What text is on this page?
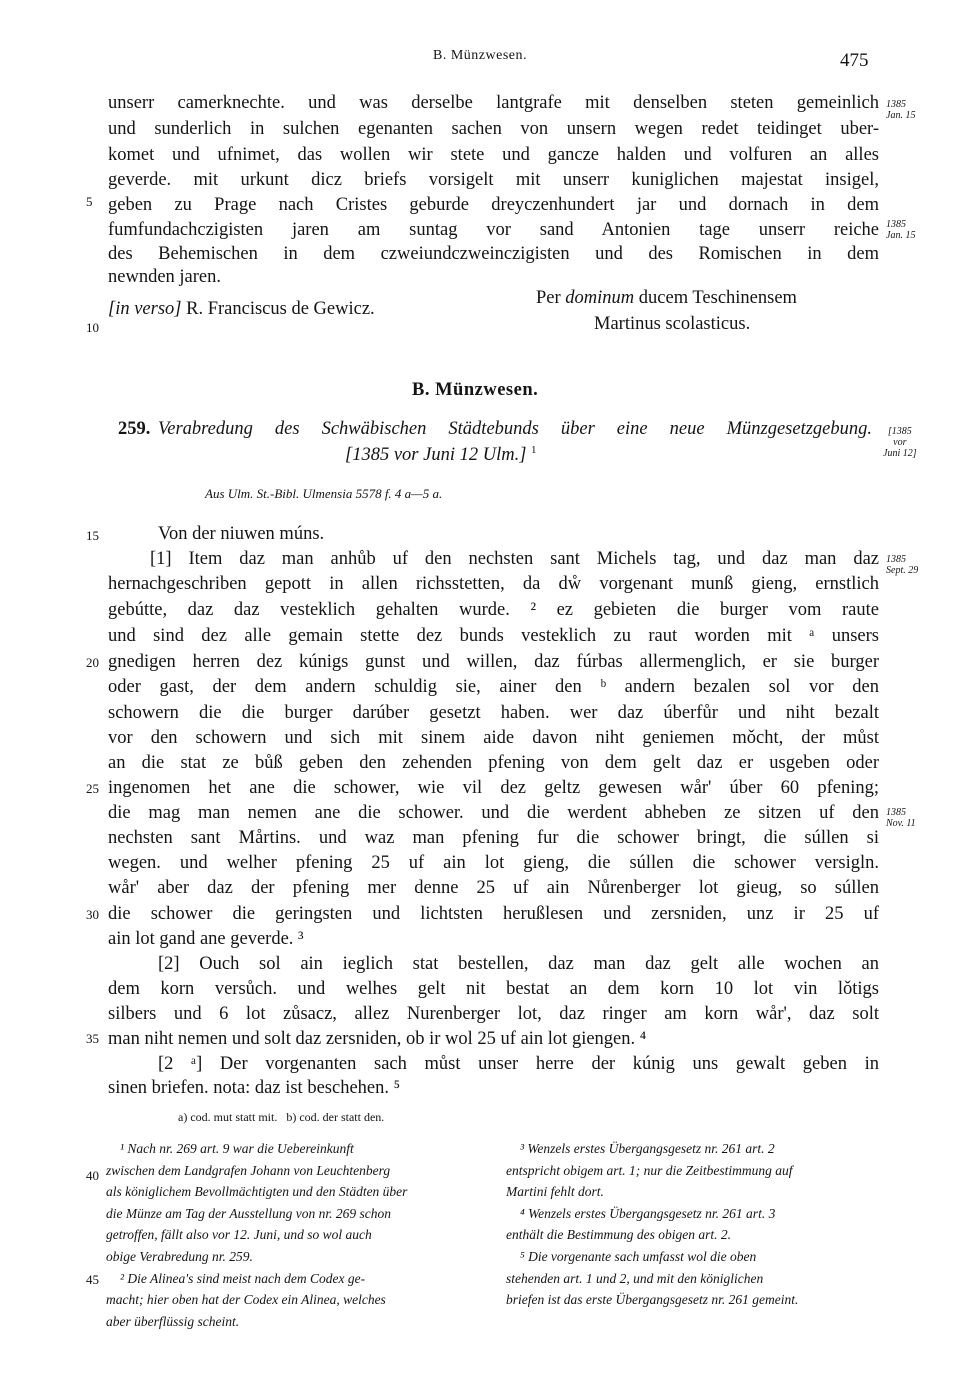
B. Münzwesen.	475
unserr camerknechte. und was derselbe lantgrafe mit denselben steten gemeinlich
und sunderlich in sulchen egenanten sachen von unsern wegen redet teidinget uber-
komet und ufnimet, das wollen wir stete und gancze halden und volfuren an alles
geverde. mit urkunt dicz briefs vorsigelt mit unserr kuniglichen majestat insigel,
geben zu Prage nach Cristes geburde dreyczenhundert jar und dornach in dem
fumfundachczigisten jaren am suntag vor sand Antonien tage unserr reiche
des Behemischen in dem czweiundczweinczigisten und des Romischen in dem
newnden jaren.
[in verso] R. Franciscus de Gewicz.
Per dominum ducem Teschinensem
Martinus scolasticus.
B. Münzwesen.
259. Verabredung des Schwäbischen Städtebunds über eine neue Münzgesetzgebung.
[1385 vor Juni 12 Ulm.] $^1$
Aus Ulm. St.-Bibl. Ulmensia 5578 f. 4 a—5 a.
Von der niuwen múns.
[1] Item daz man anhůb uf den nechsten sant Michels tag, und daz man daz
hernachgeschriben gepott in allen richsstetten, da dẘ vorgenant munß gieng, ernstlich
gebútte, daz daz vesteklich gehalten wurde. ² ez gebieten die burger vom raute
und sind dez alle gemain stette dez bunds vesteklich zu raut worden mit ᵃ unsers
gnedigen herren dez kúnigs gunst und willen, daz fúrbas allermenglich, er sie burger
oder gast, der dem andern schuldig sie, ainer den ᵇ andern bezalen sol vor den
schowern die die burger darúber gesetzt haben. wer daz úberfůr und niht bezalt
vor den schowern und sich mit sinem aide davon niht geniemen mǒcht, der můst
an die stat ze bůß geben den zehenden pfening von dem gelt daz er usgeben oder
ingenomen het ane die schower, wie vil dez geltz gewesen wår' úber 60 pfening;
die mag man nemen ane die schower. und die werdent abheben ze sitzen uf den
nechsten sant Mårtins. und waz man pfening fur die schower bringt, die súllen si
wegen. und welher pfening 25 uf ain lot gieng, die súllen die schower versigln.
wår' aber daz der pfening mer denne 25 uf ain Nůrenberger lot gieug, so súllen
die schower die geringsten und lichtsten herußlesen und zersniden, unz ir 25 uf
ain lot gand ane geverde. ³
[2] Ouch sol ain ieglich stat bestellen, daz man daz gelt alle wochen an
dem korn versůch. und welhes gelt nit bestat an dem korn 10 lot vin lǒtigs
silbers und 6 lot zůsacz, allez Nurenberger lot, daz ringer am korn wår', daz solt
man niht nemen und solt daz zersniden, ob ir wol 25 uf ain lot giengen. ⁴
[2 ᵃ] Der vorgenanten sach můst unser herre der kúnig uns gewalt geben in
sinen briefen. nota: daz ist beschehen. ⁵
5
10
15
20
25
30
35
40
45
1385
Jan. 15
1385
Jan. 15
[1385
vor
Juni 12]
1385
Sept. 29
1385
Nov. 11
a) cod. mut statt mit.   b) cod. der statt den.
¹ Nach nr. 269 art. 9 war die Uebereinkunft
zwischen dem Landgrafen Johann von Leuchtenberg
als königlichem Bevollmächtigten und den Städten über
die Münze am Tag der Ausstellung von nr. 269 schon
getroffen, fällt also vor 12. Juni, und so wol auch
obige Verabredung nr. 259.
² Die Alinea's sind meist nach dem Codex ge-
macht; hier oben hat der Codex ein Alinea, welches
aber überflüssig scheint.
³ Wenzels erstes Übergangsgesetz nr. 261 art. 2
entspricht obigem art. 1; nur die Zeitbestimmung auf
Martini fehlt dort.
⁴ Wenzels erstes Übergangsgesetz nr. 261 art. 3
enthält die Bestimmung des obigen art. 2.
⁵ Die vorgenante sach umfasst wol die oben
stehenden art. 1 und 2, und mit den königlichen
briefen ist das erste Übergangsgesetz nr. 261 gemeint.
